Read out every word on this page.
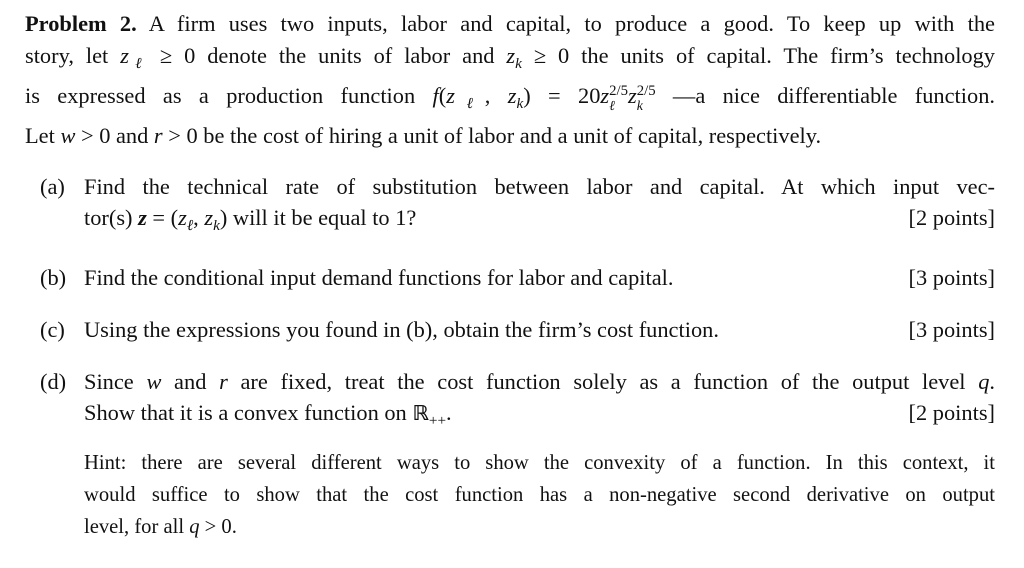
Problem 2. A firm uses two inputs, labor and capital, to produce a good. To keep up with the
story, let $z_\ell \ge 0$ denote the units of labor and $z_k \ge 0$ the units of capital. The firm’s technology
is expressed as a production function $f(z_\ell$, $z_k) = 20z$ 2/5
ℓ z 2/5
k —a nice differentiable function.
Let w > 0 and r > 0 be the cost of hiring a unit of labor and a unit of capital, respectively.
(a) Find the technical rate of substitution between labor and capital. At which input vec-
tor(s) $z = (z_\ell$, $z_k$) will it be equal to 1?	[2 points]
(b) Find the conditional input demand functions for labor and capital.	[3 points]
(c) Using the expressions you found in (b), obtain the firm’s cost function.	[3 points]
(d) Since w and r are fixed, treat the cost function solely as a function of the output level q.
Show that it is a convex function on ℝ$_{++}$.	[2 points]
Hint: there are several different ways to show the convexity of a function. In this context, it
would suffice to show that the cost function has a non-negative second derivative on output
level, for all q > 0.
